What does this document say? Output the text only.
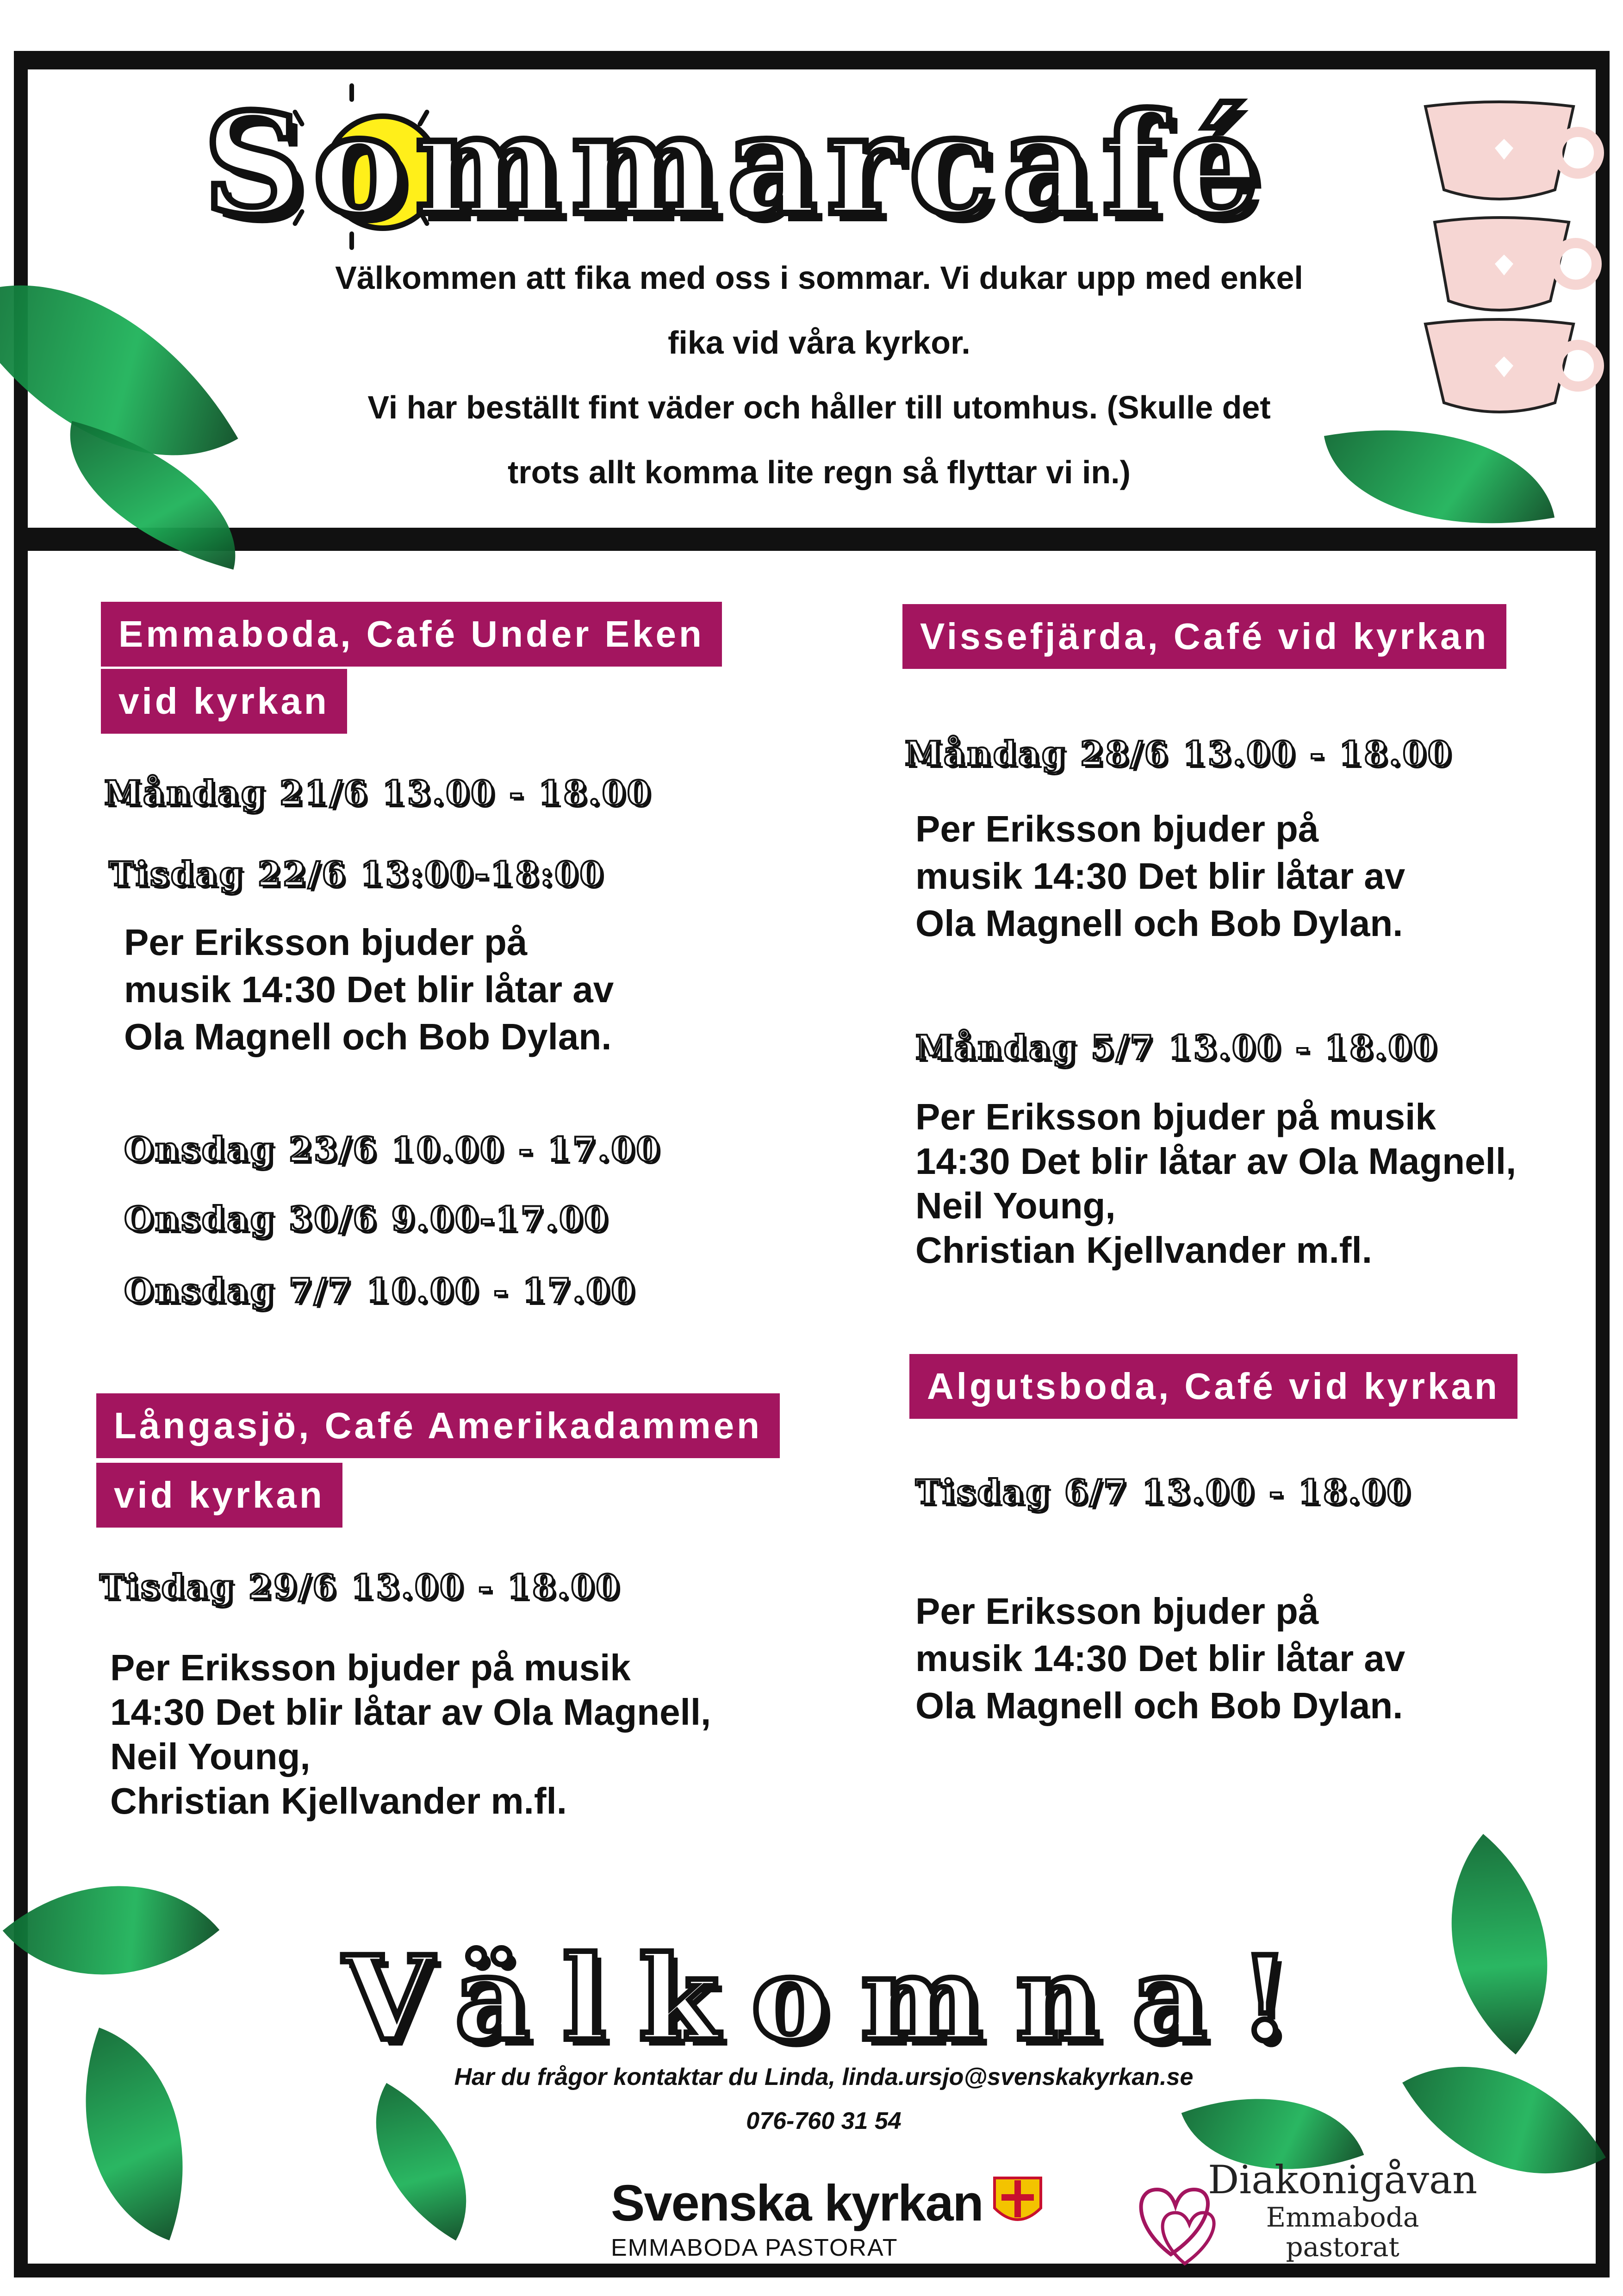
Sommarcafé

Välkommen att fika med oss i sommar. Vi dukar upp med enkel

fika vid våra kyrkor.

Vi har beställt fint väder och håller till utomhus. (Skulle det

trots allt komma lite regn så flyttar vi in.)

Emmaboda, Café Under Eken
vid kyrkan
Måndag 21/6 13.00 - 18.00
Tisdag 22/6 13:00-18:00
Per Eriksson bjuder på
musik 14:30 Det blir låtar av
Ola Magnell och Bob Dylan.
Onsdag 23/6 10.00 - 17.00
Onsdag 30/6 9.00-17.00
Onsdag 7/7 10.00 - 17.00
Långasjö, Café Amerikadammen
vid kyrkan
Tisdag 29/6 13.00 - 18.00
Per Eriksson bjuder på musik
14:30 Det blir låtar av Ola Magnell,
Neil Young,
Christian Kjellvander m.fl.
Vissefjärda, Café vid kyrkan
Måndag 28/6 13.00 - 18.00
Per Eriksson bjuder på
musik 14:30 Det blir låtar av
Ola Magnell och Bob Dylan.
Måndag 5/7 13.00 - 18.00
Per Eriksson bjuder på musik
14:30 Det blir låtar av Ola Magnell,
Neil Young,
Christian Kjellvander m.fl.
Algutsboda, Café vid kyrkan
Tisdag 6/7 13.00 - 18.00
Per Eriksson bjuder på
musik 14:30 Det blir låtar av
Ola Magnell och Bob Dylan.
Välkomna!

Har du frågor kontaktar du Linda, linda.ursjo@svenskakyrkan.se

076-760 31 54

Svenska kyrkan
EMMABODA PASTORAT
Diakonigåvan
Emmaboda
pastorat
